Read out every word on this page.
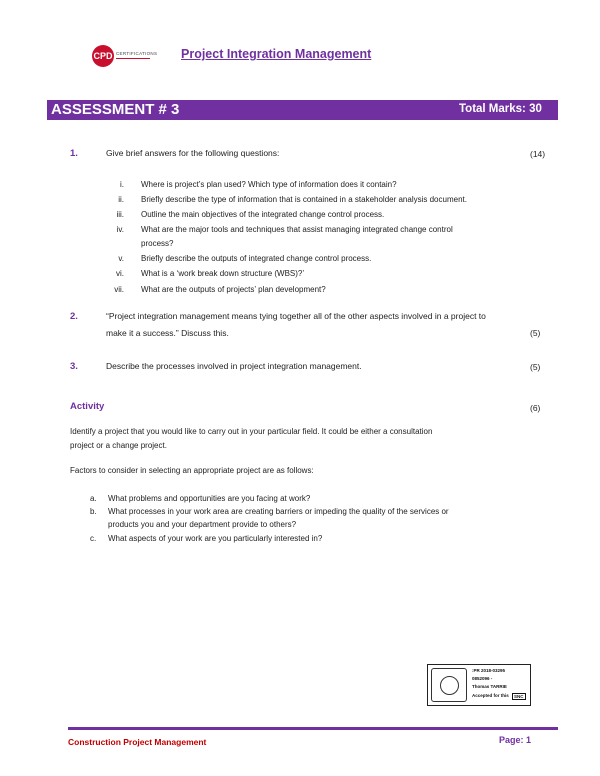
CPD CERTIFICATIONS Project Integration Management
ASSESSMENT # 3	Total Marks: 30
1.	Give brief answers for the following questions:	(14)
i. Where is project’s plan used? Which type of information does it contain?
ii. Briefly describe the type of information that is contained in a stakeholder analysis document.
iii. Outline the main objectives of the integrated change control process.
iv. What are the major tools and techniques that assist managing integrated change control
process?
v. Briefly describe the outputs of integrated change control process.
vi. What is a ‘work break down structure (WBS)?’
vii. What are the outputs of projects’ plan development?
2.	“Project integration management means tying together all of the other aspects involved in a project to
make it a success.” Discuss this.	(5)
3.	Describe the processes involved in project integration management.	(5)
Activity	(6)
Identify a project that you would like to carry out in your particular field. It could be either a consultation
project or a change project.
Factors to consider in selecting an appropriate project are as follows:
a. What problems and opportunities are you facing at work?
b. What processes in your work area are creating barriers or impeding the quality of the services or
products you and your department provide to others?
c. What aspects of your work are you particularly interested in?
:PR 2018-03295
0852096 -
Thomas TARRIE
Accepted for this	SNC
Construction Project Management	Page: 1
